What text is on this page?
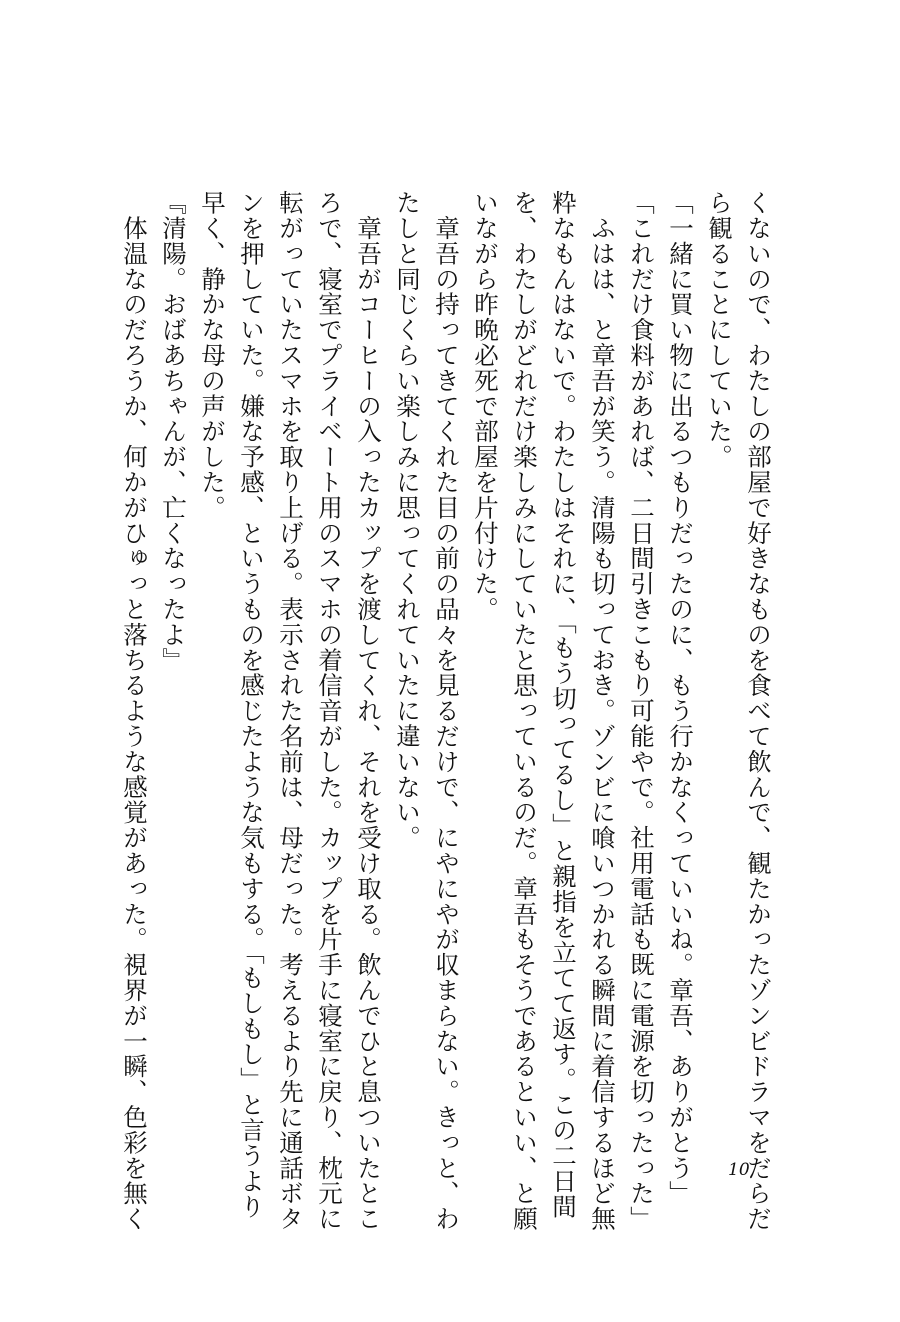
くないので、わたしの部屋で好きなものを食べて飲んで、観たかったゾンビドラマをだらだ
ら観ることにしていた。
「一緒に買い物に出るつもりだったのに、もう行かなくっていいね。章吾、ありがとう」
「これだけ食料があれば、二日間引きこもり可能やで。社用電話も既に電源を切ったった」
　ふはは、と章吾が笑う。清陽も切っておき。ゾンビに喰いつかれる瞬間に着信するほど無
粋なもんはないで。わたしはそれに、「もう切ってるし」と親指を立てて返す。この二日間
を、わたしがどれだけ楽しみにしていたと思っているのだ。章吾もそうであるといい、と願
いながら昨晩必死で部屋を片付けた。
　章吾の持ってきてくれた目の前の品々を見るだけで、にやにやが収まらない。きっと、わ
たしと同じくらい楽しみに思ってくれていたに違いない。
　章吾がコーヒーの入ったカップを渡してくれ、それを受け取る。飲んでひと息ついたとこ
ろで、寝室でプライベート用のスマホの着信音がした。カップを片手に寝室に戻り、枕元に
転がっていたスマホを取り上げる。表示された名前は、母だった。考えるより先に通話ボタ
ンを押していた。嫌な予感、というものを感じたような気もする。「もしもし」と言うより
早く、静かな母の声がした。
『清陽。おばあちゃんが、亡くなったよ』
　体温なのだろうか、何かがひゅっと落ちるような感覚があった。視界が一瞬、色彩を無く	10
